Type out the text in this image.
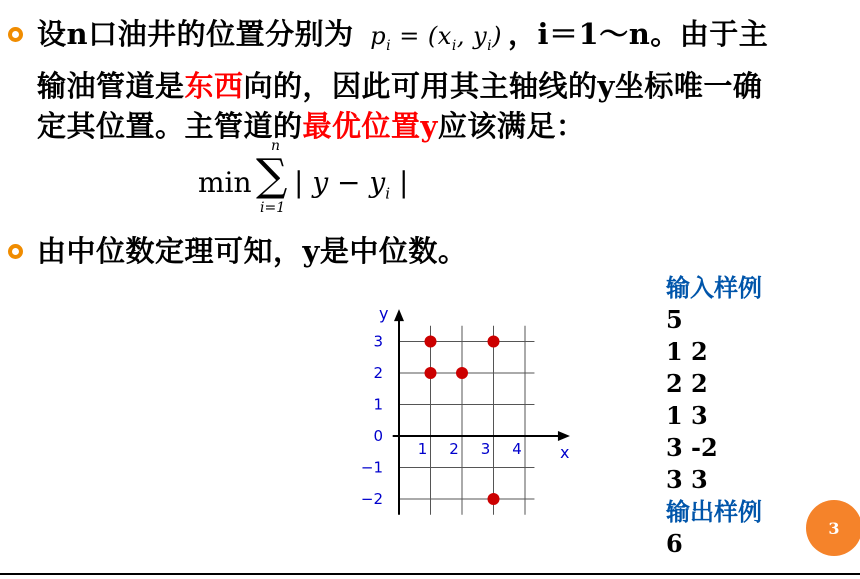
设n口油井的位置分别为 $p_i = (x_i$, $y_i$) ，i＝1～n。由于主
输油管道是东西向的，因此可用其主轴线的y坐标唯一确
定其位置。主管道的最优位置y应该满足：
min
n
∑
i=1
| $y - y_i$ |
由中位数定理可知，y是中位数。
3
2
1
0
−1
−2
1 2 3 4 x
y
输入样例
5
1 2
2 2
1 3
3 -2
3 3
输出样例
6
3
